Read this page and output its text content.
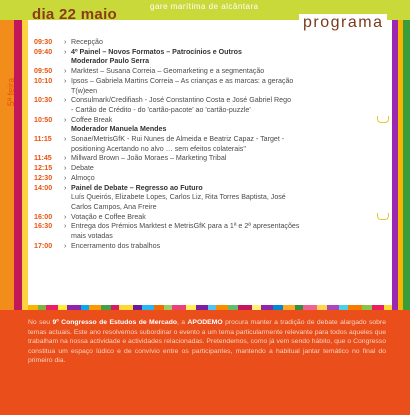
dia 22 maio	gare marítima de alcântara
programa
5ª feira
09:30	› Recepção
09:40	› 4º Painel – Novos Formatos – Patrocínios e Outros
Moderador Paulo Serra
09:50	› Marktest – Susana Correia – Geomarketing e a segmentação
10:10	› Ipsos – Gabriela Martins Correia – As crianças e as marcas: a geração
T(w)een
10:30	› Consulmark/Credifiash - José Constantino Costa e José Gabriel Rego
- Cartão de Crédito - do 'cartão-pacote' ao 'cartão-puzzle'
10:50	› Coffee Break
Moderador Manuela Mendes
11:15	› Sonae/MetrisGfK - Rui Nunes de Almeida e Beatriz Capaz - Target -
positioning Acertando no alvo … sem efeitos colaterais"
11:45	› Millward Brown – João Moraes – Marketing Tribal
12:15	› Debate
12:30	› Almoço
14:00	› Painel de Debate – Regresso ao Futuro
Luís Queirós, Elizabete Lopes, Carlos Liz, Rita Torres Baptista, José
Carlos Campos, Ana Freire
16:00	› Votação e Coffee Break
16:30	› Entrega dos Prémios Marktest e MetrisGfK para a 1ª e 2ª apresentações
mais votadas
17:00	› Encerramento dos trabalhos
No seu 9º Congresso de Estudos de Mercado, a APODEMO procura manter a tradição de debate alargado sobre temas actuais. Este ano resolvemos subordinar o evento a um tema particularmente relevante para todos aqueles que trabalham na nossa actividade e actividades relacionadas. Pretendemos, como já vem sendo hábito, que o Congresso constitua um espaço lúdico e de convívio entre os participantes, mantendo a habitual jantar temático no final do primeiro dia.
